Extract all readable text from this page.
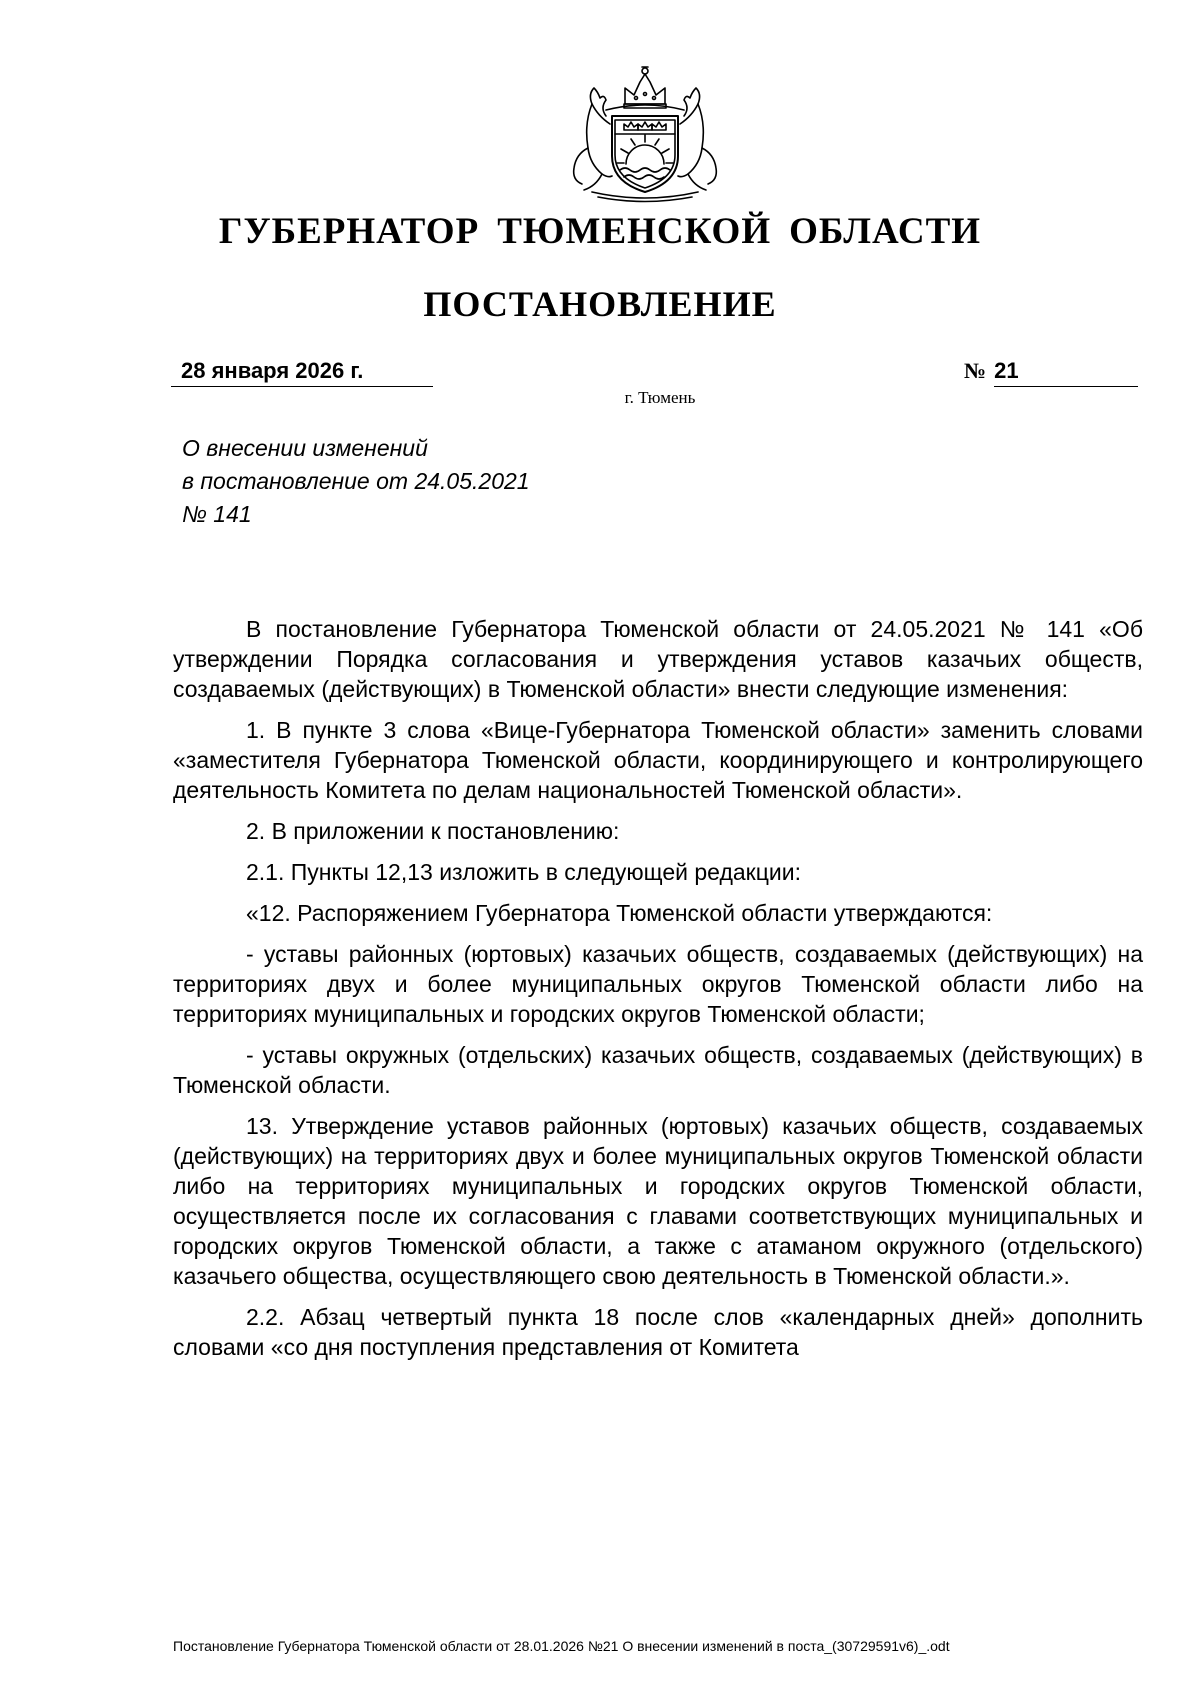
ГУБЕРНАТОР ТЮМЕНСКОЙ ОБЛАСТИ
ПОСТАНОВЛЕНИЕ
28 января 2026 г.	№ 21
г. Тюмень
О внесении изменений
в постановление от 24.05.2021
№ 141

В постановление Губернатора Тюменской области от 24.05.2021 № 141 «Об утверждении Порядка согласования и утверждения уставов казачьих обществ, создаваемых (действующих) в Тюменской области» внести следующие изменения:

1. В пункте 3 слова «Вице-Губернатора Тюменской области» заменить словами «заместителя Губернатора Тюменской области, координирующего и контролирующего деятельность Комитета по делам национальностей Тюменской области».

2. В приложении к постановлению:

2.1. Пункты 12,13 изложить в следующей редакции:

«12. Распоряжением Губернатора Тюменской области утверждаются:

- уставы районных (юртовых) казачьих обществ, создаваемых (действующих) на территориях двух и более муниципальных округов Тюменской области либо на территориях муниципальных и городских округов Тюменской области;

- уставы окружных (отдельских) казачьих обществ, создаваемых (действующих) в Тюменской области.

13. Утверждение уставов районных (юртовых) казачьих обществ, создаваемых (действующих) на территориях двух и более муниципальных округов Тюменской области либо на территориях муниципальных и городских округов Тюменской области, осуществляется после их согласования с главами соответствующих муниципальных и городских округов Тюменской области, а также с атаманом окружного (отдельского) казачьего общества, осуществляющего свою деятельность в Тюменской области.».

2.2. Абзац четвертый пункта 18 после слов «календарных дней» дополнить словами «со дня поступления представления от Комитета

Постановление Губернатора Тюменской области от 28.01.2026 №21 О внесении изменений в поста_(30729591v6)_.odt
